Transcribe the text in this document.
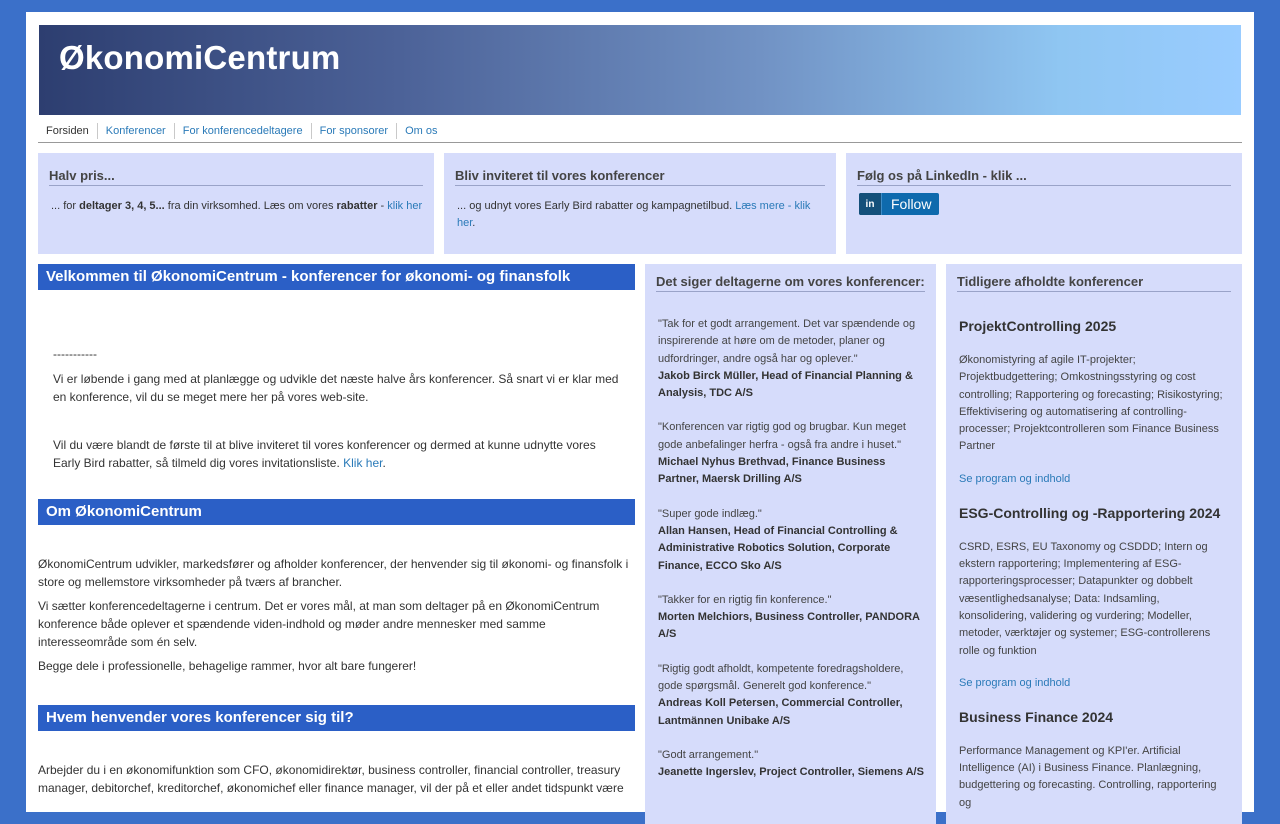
ØkonomiCentrum
Forsiden	Konferencer	For konferencedeltagere	For sponsorer	Om os
Halv pris...

... for deltager 3, 4, 5... fra din virksomhed. Læs om vores rabatter - klik her

Bliv inviteret til vores konferencer

... og udnyt vores Early Bird rabatter og kampagnetilbud. Læs mere - klik her.

Følg os på LinkedIn - klik ...
in	Follow
Velkommen til ØkonomiCentrum - konferencer for økonomi- og finansfolk

-----------

Vi er løbende i gang med at planlægge og udvikle det næste halve års konferencer. Så snart vi er klar med en konference, vil du se meget mere her på vores web-site.

Vil du være blandt de første til at blive inviteret til vores konferencer og dermed at kunne udnytte vores Early Bird rabatter, så tilmeld dig vores invitationsliste. Klik her.

Om ØkonomiCentrum

ØkonomiCentrum udvikler, markedsfører og afholder konferencer, der henvender sig til økonomi- og finansfolk i store og mellemstore virksomheder på tværs af brancher.

Vi sætter konferencedeltagerne i centrum. Det er vores mål, at man som deltager på en ØkonomiCentrum konference både oplever et spændende viden-indhold og møder andre mennesker med samme interesseområde som én selv.

Begge dele i professionelle, behagelige rammer, hvor alt bare fungerer!

Hvem henvender vores konferencer sig til?

Arbejder du i en økonomifunktion som CFO, økonomidirektør, business controller, financial controller, treasury manager, debitorchef, kreditorchef, økonomichef eller finance manager, vil der på et eller andet tidspunkt være

Det siger deltagerne om vores konferencer:

"Tak for et godt arrangement. Det var spændende og inspirerende at høre om de metoder, planer og udfordringer, andre også har og oplever."
Jakob Birck Müller, Head of Financial Planning & Analysis, TDC A/S

"Konferencen var rigtig god og brugbar. Kun meget gode anbefalinger herfra - også fra andre i huset."
Michael Nyhus Brethvad, Finance Business Partner, Maersk Drilling A/S

"Super gode indlæg."
Allan Hansen, Head of Financial Controlling & Administrative Robotics Solution, Corporate Finance, ECCO Sko A/S

"Takker for en rigtig fin konference."
Morten Melchiors, Business Controller, PANDORA A/S

"Rigtig godt afholdt, kompetente foredragsholdere, gode spørgsmål. Generelt god konference."
Andreas Koll Petersen, Commercial Controller, Lantmännen Unibake A/S

"Godt arrangement."
Jeanette Ingerslev, Project Controller, Siemens A/S

Tidligere afholdte konferencer
ProjektControlling 2025

Økonomistyring af agile IT-projekter; Projektbudgettering; Omkostningsstyring og cost controlling; Rapportering og forecasting; Risikostyring; Effektivisering og automatisering af controlling-processer; Projektcontrolleren som Finance Business Partner

Se program og indhold
ESG-Controlling og -Rapportering 2024

CSRD, ESRS, EU Taxonomy og CSDDD; Intern og ekstern rapportering; Implementering af ESG-rapporteringsprocesser; Datapunkter og dobbelt væsentlighedsanalyse; Data: Indsamling, konsolidering, validering og vurdering; Modeller, metoder, værktøjer og systemer; ESG-controllerens rolle og funktion

Se program og indhold
Business Finance 2024

Performance Management og KPI'er. Artificial Intelligence (AI) i Business Finance. Planlægning, budgettering og forecasting. Controlling, rapportering og
